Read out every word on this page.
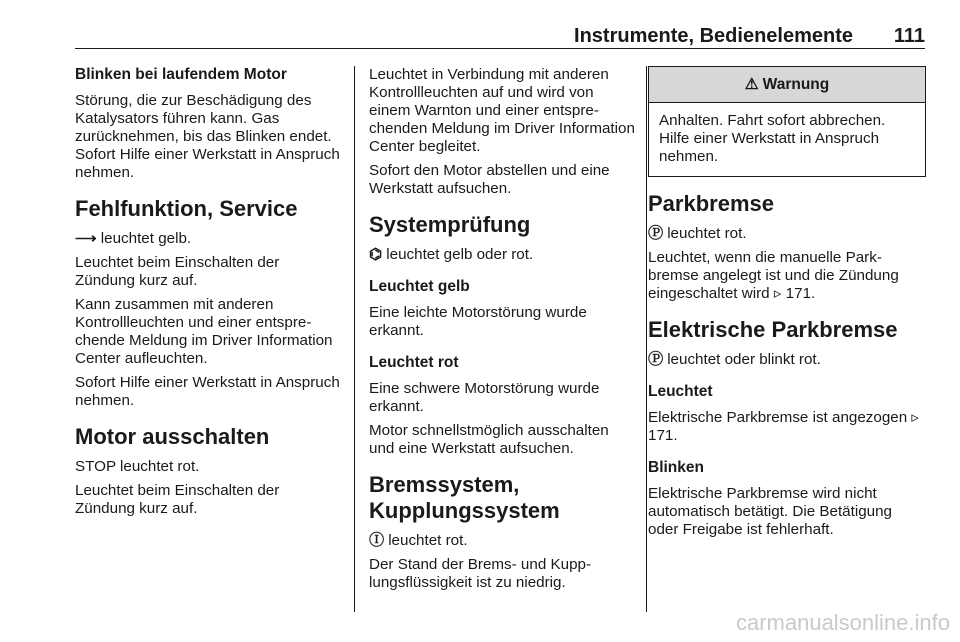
Instrumente, Bedienelemente 111
Blinken bei laufendem Motor

Störung, die zur Beschädigung des Katalysators führen kann. Gas zurücknehmen, bis das Blinken endet. Sofort Hilfe einer Werkstatt in Anspruch nehmen.

Fehlfunktion, Service

⟶ leuchtet gelb.

Leuchtet beim Einschalten der Zündung kurz auf.

Kann zusammen mit anderen Kontrollleuchten und einer entsprechende Meldung im Driver Information Center aufleuchten.

Sofort Hilfe einer Werkstatt in Anspruch nehmen.

Motor ausschalten

STOP leuchtet rot.

Leuchtet beim Einschalten der Zündung kurz auf.

Leuchtet in Verbindung mit anderen Kontrollleuchten auf und wird von einem Warnton und einer entsprechenden Meldung im Driver Information Center begleitet.

Sofort den Motor abstellen und eine Werkstatt aufsuchen.

Systemprüfung

⌬ leuchtet gelb oder rot.

Leuchtet gelb

Eine leichte Motorstörung wurde erkannt.

Leuchtet rot

Eine schwere Motorstörung wurde erkannt.

Motor schnellstmöglich ausschalten und eine Werkstatt aufsuchen.

Bremssystem, Kupplungssystem

Ⓘ leuchtet rot.

Der Stand der Brems- und Kupplungsflüssigkeit ist zu niedrig.

⚠ Warnung
Anhalten. Fahrt sofort abbrechen. Hilfe einer Werkstatt in Anspruch nehmen.
Parkbremse

Ⓟ leuchtet rot.

Leuchtet, wenn die manuelle Parkbremse angelegt ist und die Zündung eingeschaltet wird ▹ 171.

Elektrische Parkbremse

Ⓟ leuchtet oder blinkt rot.

Leuchtet

Elektrische Parkbremse ist angezogen ▹ 171.

Blinken

Elektrische Parkbremse wird nicht automatisch betätigt. Die Betätigung oder Freigabe ist fehlerhaft.

carmanualsonline.info
